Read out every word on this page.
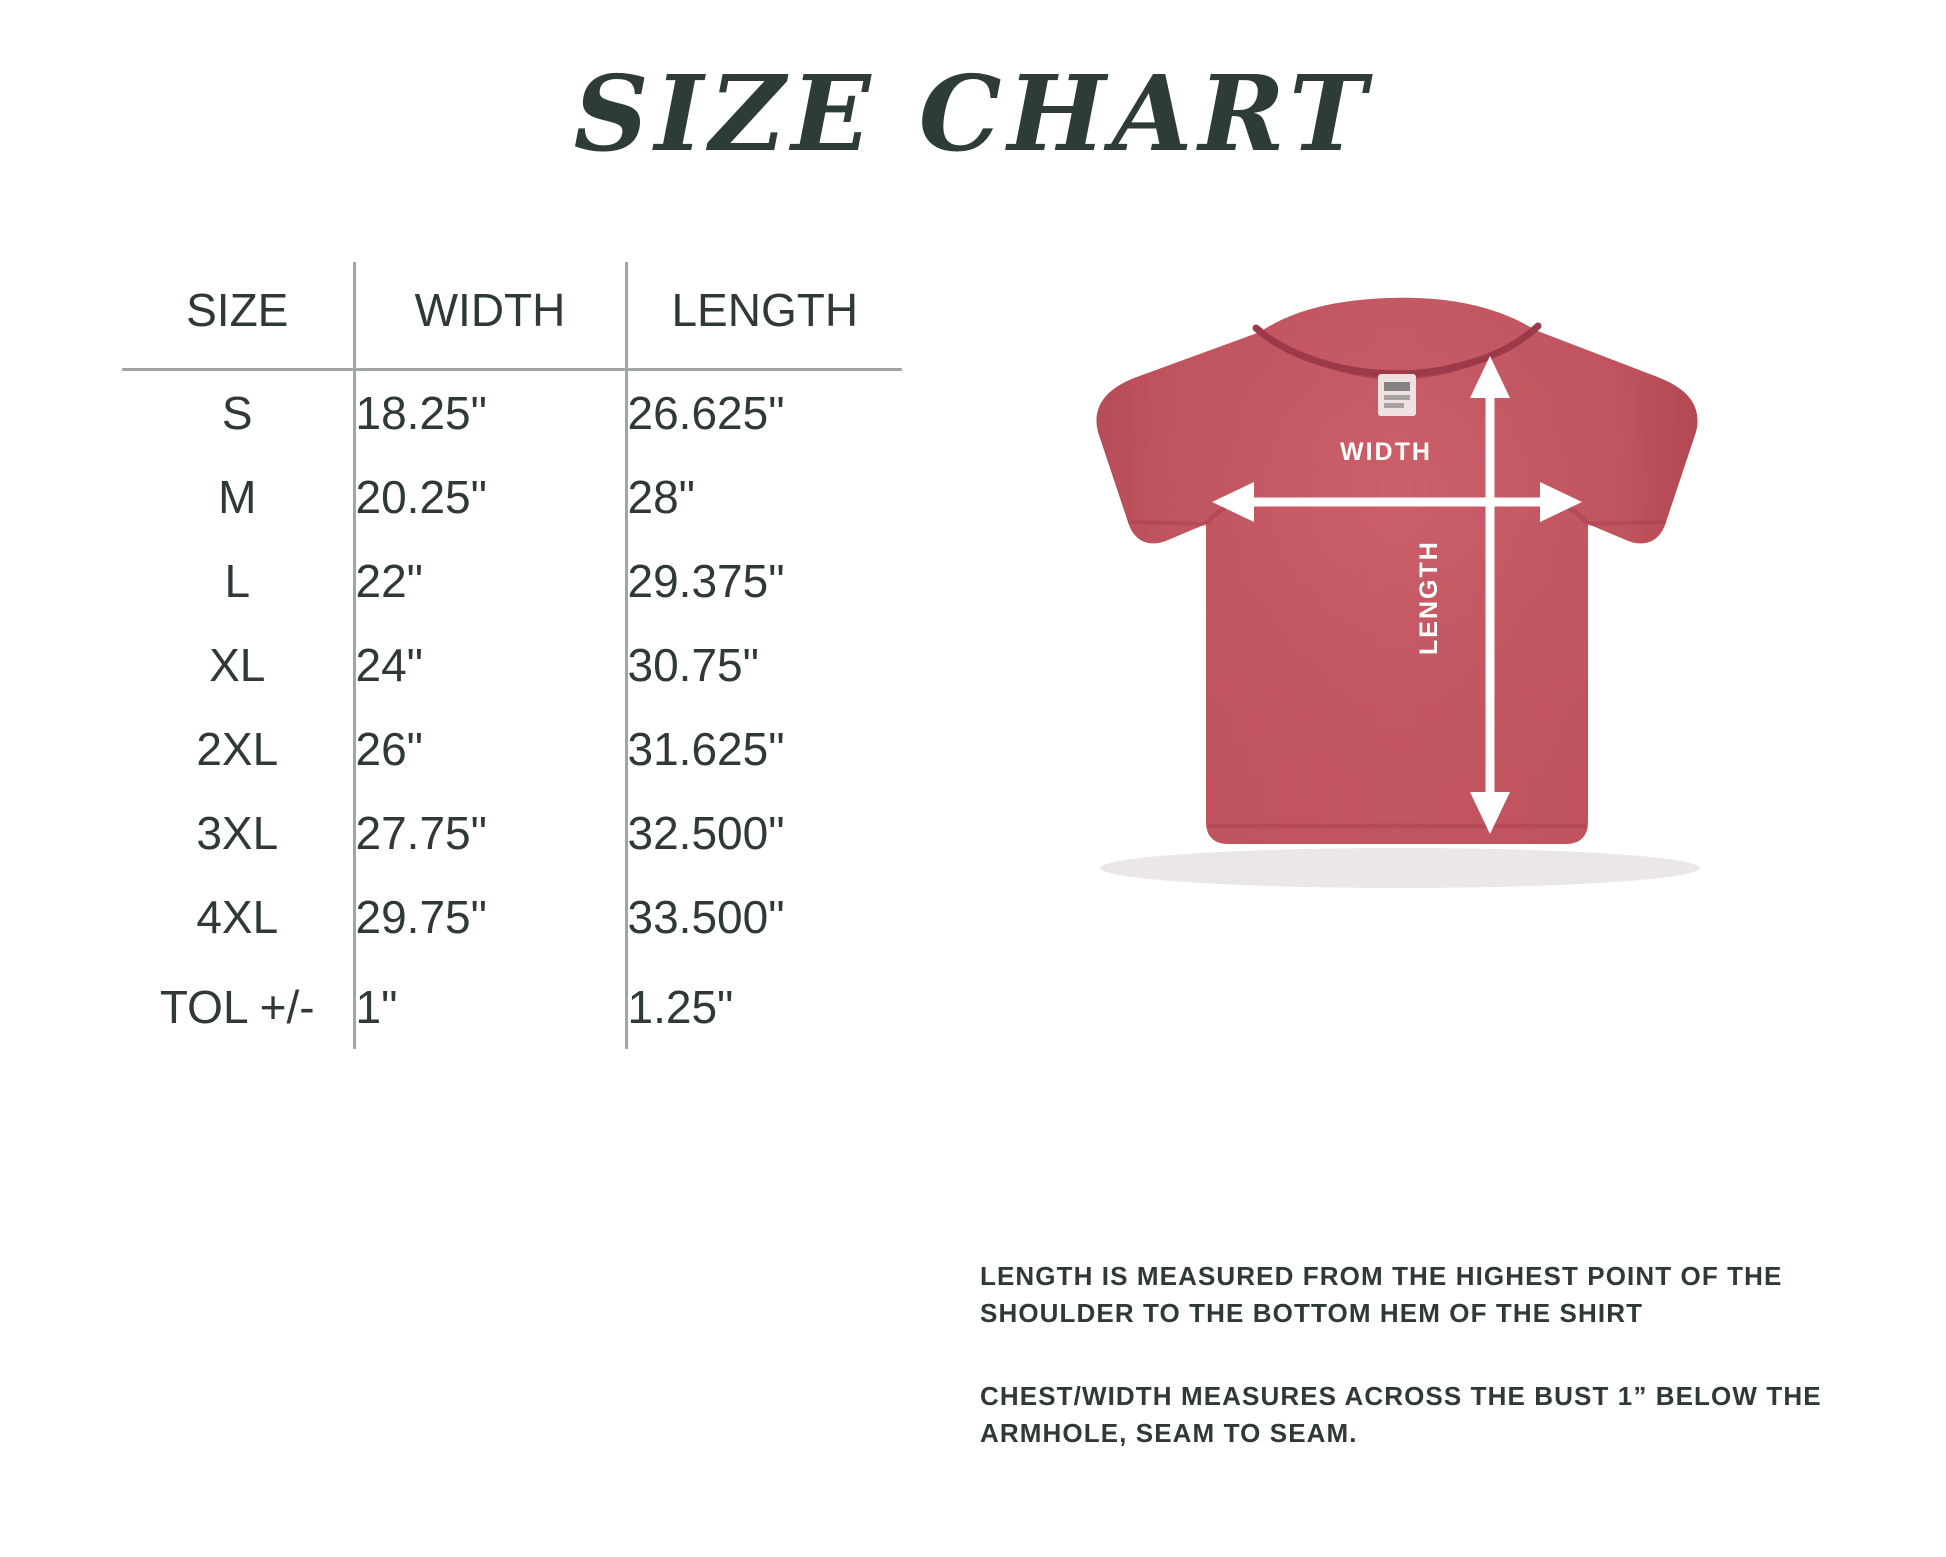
SIZE CHART
SIZE	WIDTH	LENGTH
S	18.25"	26.625"
M	20.25"	28"
L	22"	29.375"
XL	24"	30.75"
2XL	26"	31.625"
3XL	27.75"	32.500"
4XL	29.75"	33.500"
TOL +/-	1"	1.25"
WIDTH
LENGTH
LENGTH IS MEASURED FROM THE HIGHEST POINT OF THE SHOULDER TO THE BOTTOM HEM OF THE SHIRT
CHEST/WIDTH MEASURES ACROSS THE BUST 1” BELOW THE ARMHOLE, SEAM TO SEAM.
